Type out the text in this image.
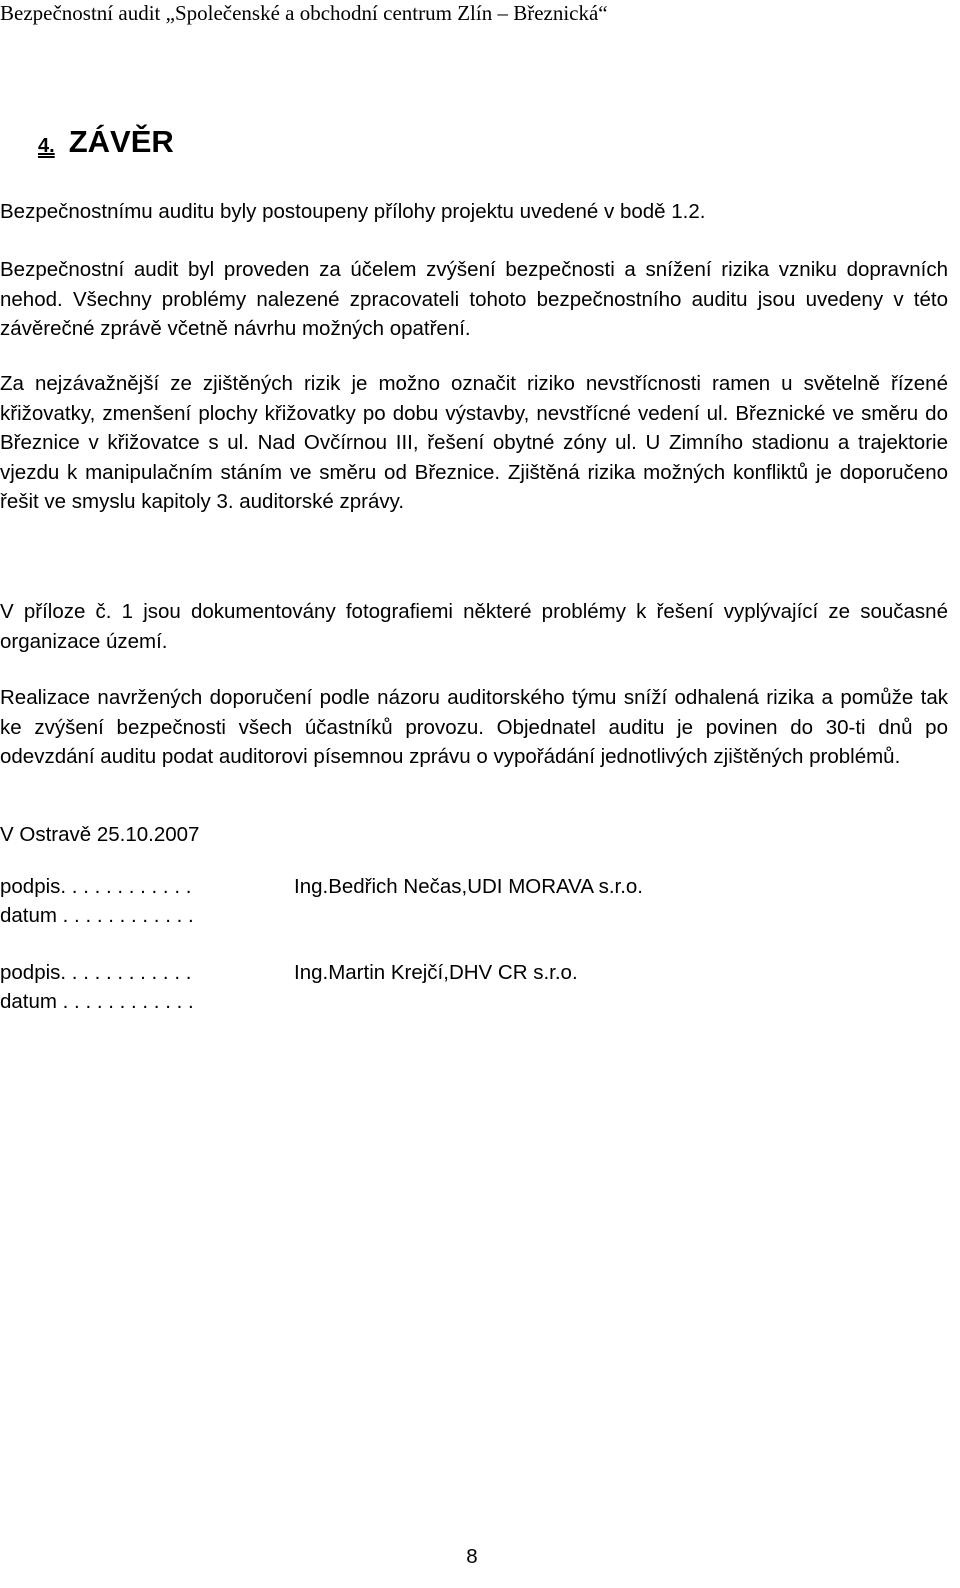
Bezpečnostní audit „Společenské a obchodní centrum Zlín – Březnická“
4. ZÁVĚR
Bezpečnostnímu auditu byly postoupeny přílohy projektu uvedené v bodě 1.2.
Bezpečnostní audit byl proveden za účelem zvýšení bezpečnosti a snížení rizika vzniku dopravních nehod. Všechny problémy nalezené zpracovateli tohoto bezpečnostního auditu jsou uvedeny v této závěrečné zprávě včetně návrhu možných opatření.
Za nejzávažnější ze zjištěných rizik je možno označit riziko nevstřícnosti ramen u světelně řízené křižovatky, zmenšení plochy křižovatky po dobu výstavby, nevstřícné vedení ul. Březnické ve směru do Březnice v křižovatce s ul. Nad Ovčírnou III, řešení obytné zóny ul. U Zimního stadionu a trajektorie vjezdu k manipulačním stáním ve směru od Březnice. Zjištěná rizika možných konfliktů je doporučeno řešit ve smyslu kapitoly 3. auditorské zprávy.
V příloze č. 1 jsou dokumentovány fotografiemi některé problémy k řešení vyplývající ze současné organizace území.
Realizace navržených doporučení podle názoru auditorského týmu sníží odhalená rizika a pomůže tak ke zvýšení bezpečnosti všech účastníků provozu. Objednatel auditu je povinen do 30-ti dnů po odevzdání auditu podat auditorovi písemnou zprávu o vypořádání jednotlivých zjištěných problémů.
V Ostravě 25.10.2007
podpis. . . . . . . . . . . .
datum . . . . . . . . . . . .
Ing.Bedřich Nečas,UDI MORAVA s.r.o.
podpis. . . . . . . . . . . .
datum . . . . . . . . . . . .
Ing.Martin Krejčí,DHV CR s.r.o.
8
